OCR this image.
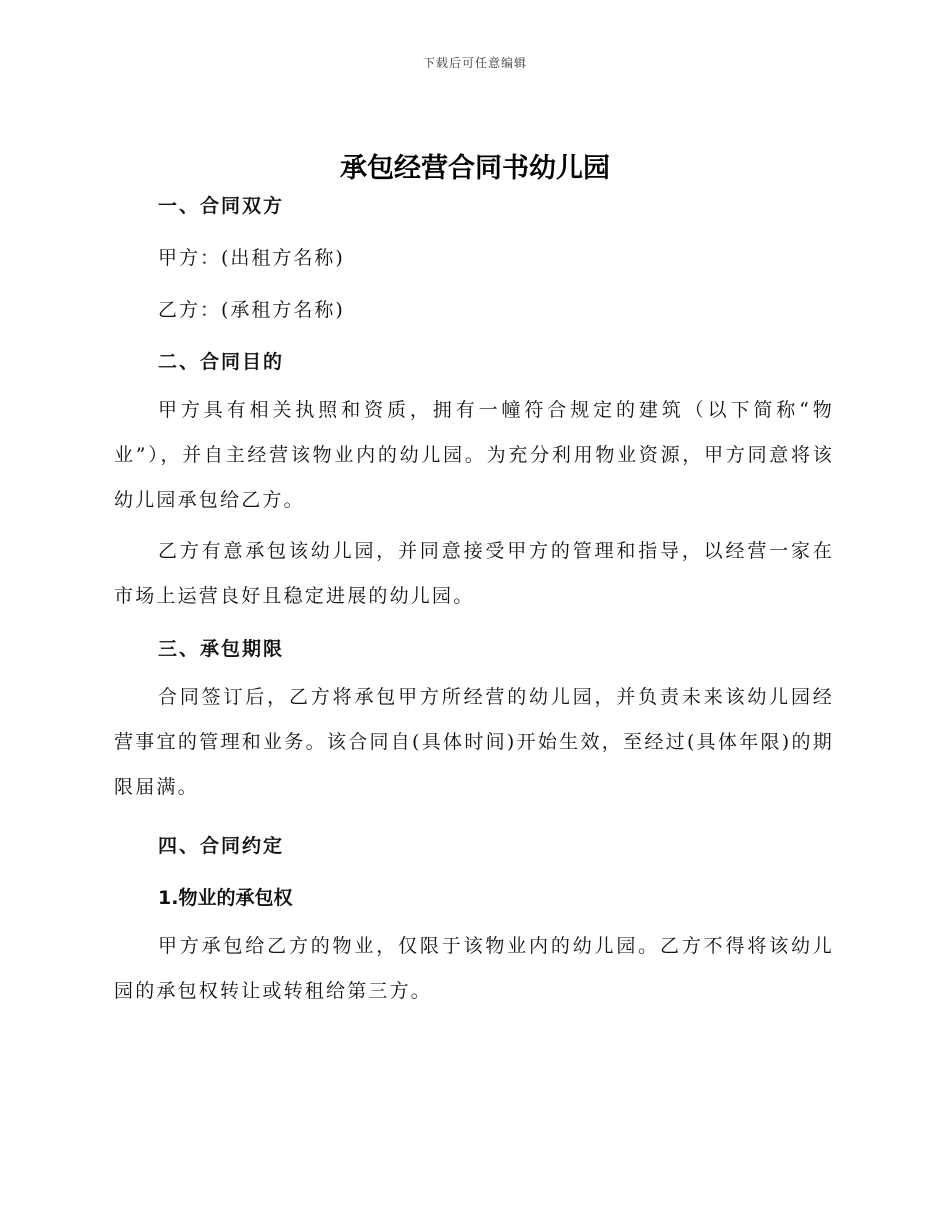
下载后可任意编辑
承包经营合同书幼儿园

一、合同双方

甲方：(出租方名称)

乙方：(承租方名称)

二、合同目的

甲方具有相关执照和资质，拥有一幢符合规定的建筑（以下简称“物业”），并自主经营该物业内的幼儿园。为充分利用物业资源，甲方同意将该幼儿园承包给乙方。

乙方有意承包该幼儿园，并同意接受甲方的管理和指导，以经营一家在市场上运营良好且稳定进展的幼儿园。

三、承包期限

合同签订后，乙方将承包甲方所经营的幼儿园，并负责未来该幼儿园经营事宜的管理和业务。该合同自(具体时间)开始生效，至经过(具体年限)的期限届满。

四、合同约定

1.物业的承包权

甲方承包给乙方的物业，仅限于该物业内的幼儿园。乙方不得将该幼儿园的承包权转让或转租给第三方。
